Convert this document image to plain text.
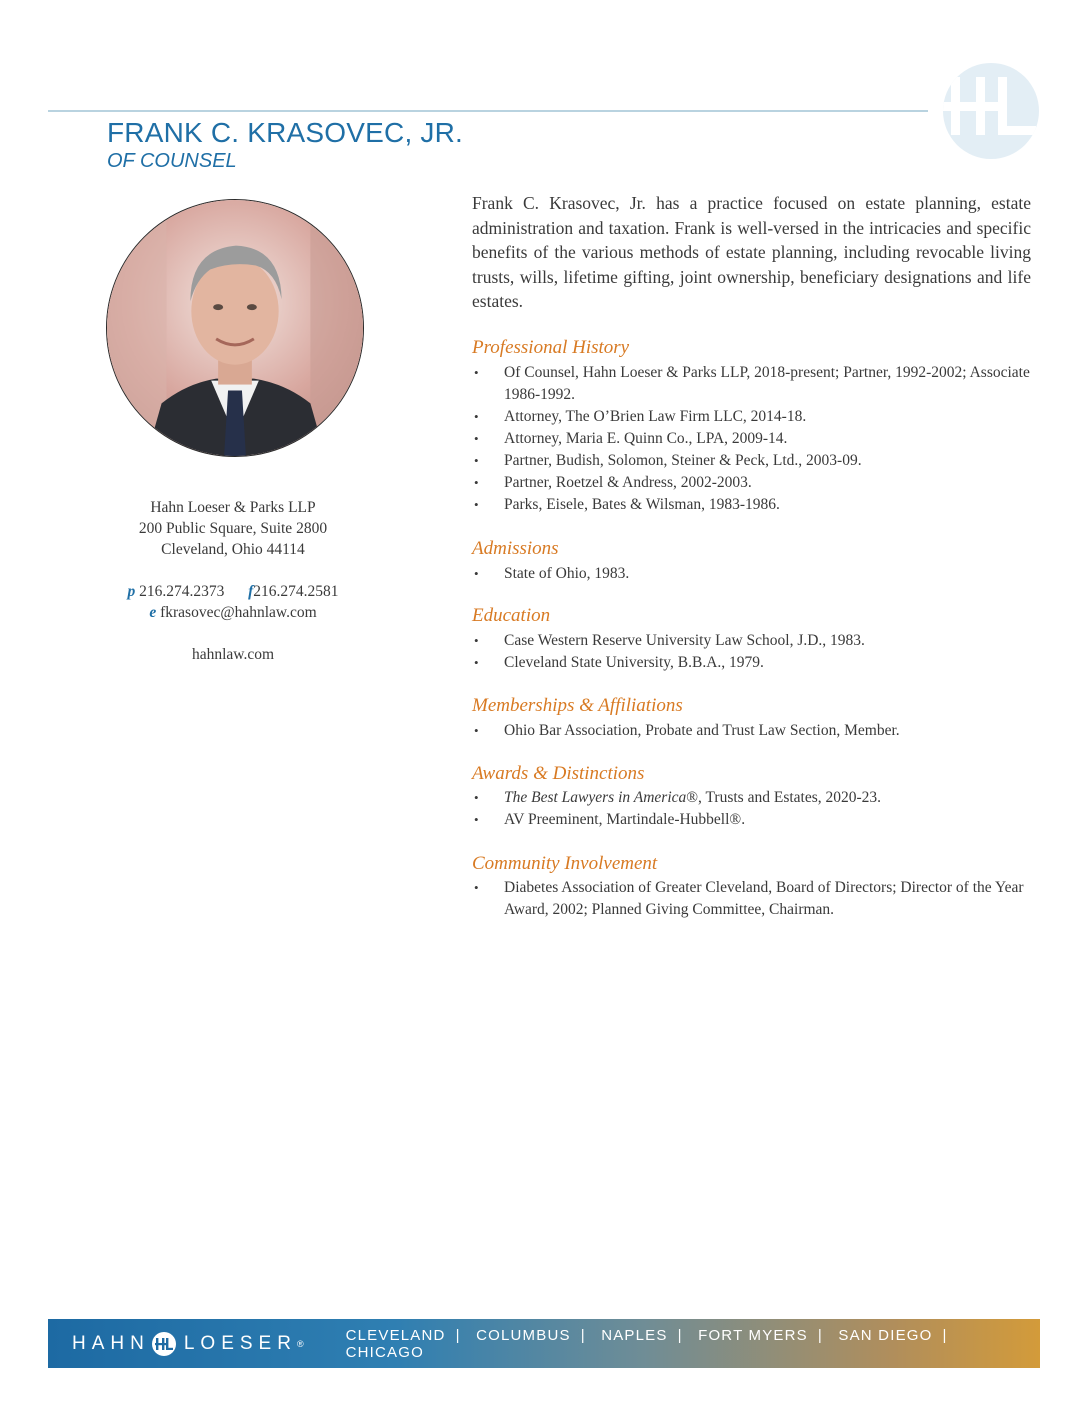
FRANK C. KRASOVEC, JR.
OF COUNSEL
Hahn Loeser & Parks LLP
200 Public Square, Suite 2800
Cleveland, Ohio 44114
p 216.274.2373 f216.274.2581
e fkrasovec@hahnlaw.com
hahnlaw.com
Frank C. Krasovec, Jr. has a practice focused on estate planning, estate administration and taxation. Frank is well-versed in the intricacies and specific benefits of the various methods of estate planning, including revocable living trusts, wills, lifetime gifting, joint ownership, beneficiary designations and life estates.
Professional History
• Of Counsel, Hahn Loeser & Parks LLP, 2018-present; Partner, 1992-2002; Associate 1986-1992.
• Attorney, The O’Brien Law Firm LLC, 2014-18.
• Attorney, Maria E. Quinn Co., LPA, 2009-14.
• Partner, Budish, Solomon, Steiner & Peck, Ltd., 2003-09.
• Partner, Roetzel & Andress, 2002-2003.
• Parks, Eisele, Bates & Wilsman, 1983-1986.
Admissions
• State of Ohio, 1983.
Education
• Case Western Reserve University Law School, J.D., 1983.
• Cleveland State University, B.B.A., 1979.
Memberships & Affiliations
• Ohio Bar Association, Probate and Trust Law Section, Member.
Awards & Distinctions
• The Best Lawyers in America®, Trusts and Estates, 2020-23.
• AV Preeminent, Martindale-Hubbell®.
Community Involvement
• Diabetes Association of Greater Cleveland, Board of Directors; Director of the Year Award, 2002; Planned Giving Committee, Chairman.
HAHN LOESER ®	CLEVELAND | COLUMBUS | NAPLES | FORT MYERS | SAN DIEGO | CHICAGO
